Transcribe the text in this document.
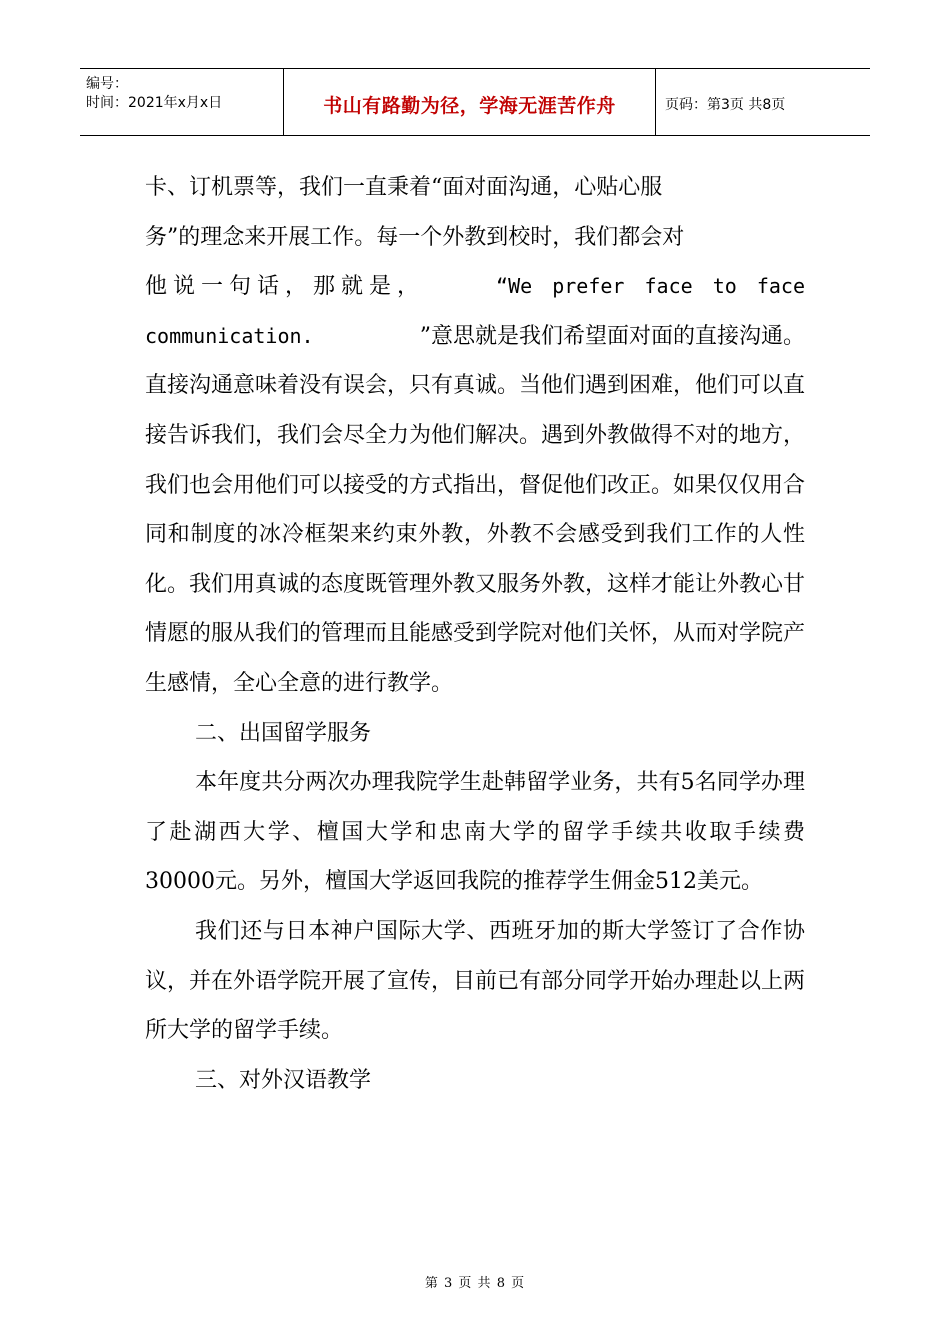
编号：
时间：2021年x月x日	书山有路勤为径，学海无涯苦作舟	页码：第3页 共8页

卡、订机票等，我们一直秉着“面对面沟通，心贴心服

务”的理念来开展工作。每一个外教到校时，我们都会对

他说一句话，那就是，	“We prefer face to face
communication.	”意思就是我们希望面对面的直接沟通。

直接沟通意味着没有误会，只有真诚。当他们遇到困难，他们可以直接告诉我们，我们会尽全力为他们解决。遇到外教做得不对的地方，我们也会用他们可以接受的方式指出，督促他们改正。如果仅仅用合同和制度的冰冷框架来约束外教，外教不会感受到我们工作的人性化。我们用真诚的态度既管理外教又服务外教，这样才能让外教心甘情愿的服从我们的管理而且能感受到学院对他们关怀，从而对学院产生感情，全心全意的进行教学。

二、出国留学服务

本年度共分两次办理我院学生赴韩留学业务，共有5名同学办理了赴湖西大学、檀国大学和忠南大学的留学手续共收取手续费30000元。另外，檀国大学返回我院的推荐学生佣金512美元。

我们还与日本神户国际大学、西班牙加的斯大学签订了合作协议，并在外语学院开展了宣传，目前已有部分同学开始办理赴以上两所大学的留学手续。

三、对外汉语教学

第 3 页 共 8 页
